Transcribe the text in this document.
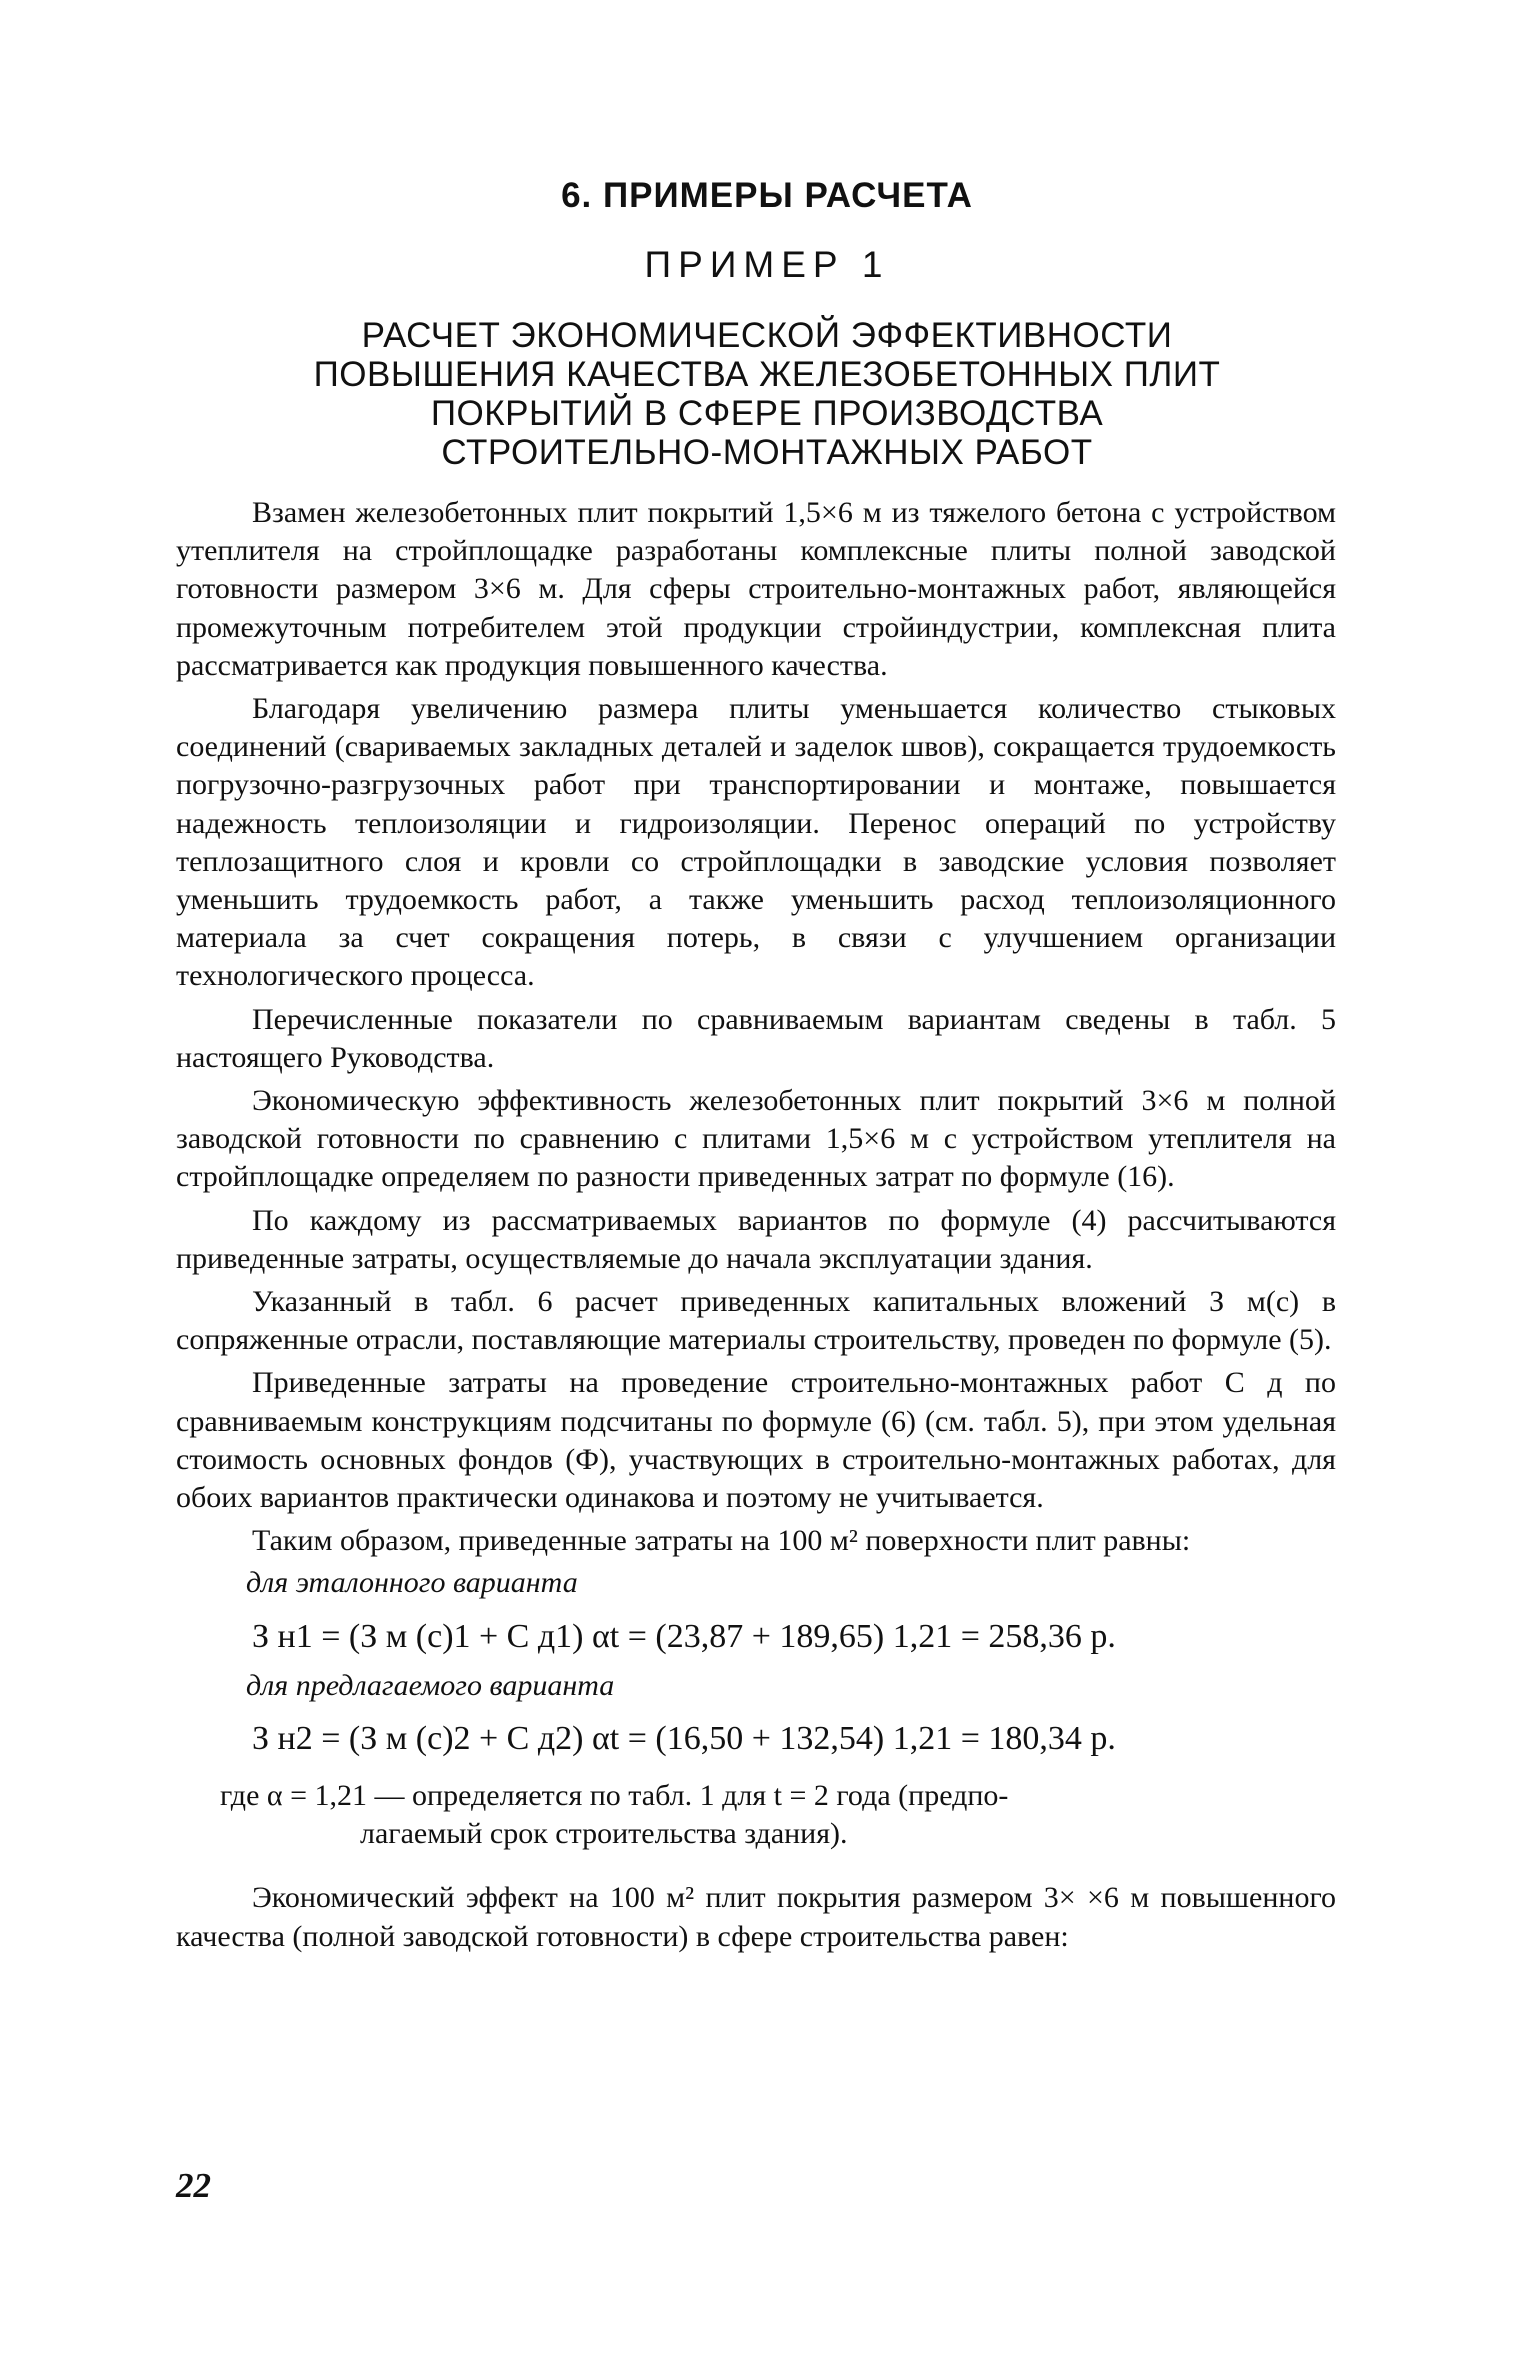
6. ПРИМЕРЫ РАСЧЕТА
ПРИМЕР 1
РАСЧЕТ ЭКОНОМИЧЕСКОЙ ЭФФЕКТИВНОСТИ
ПОВЫШЕНИЯ КАЧЕСТВА ЖЕЛЕЗОБЕТОННЫХ ПЛИТ
ПОКРЫТИЙ В СФЕРЕ ПРОИЗВОДСТВА
СТРОИТЕЛЬНО-МОНТАЖНЫХ РАБОТ

Взамен железобетонных плит покрытий 1,5×6 м из тяжелого бетона с устройством утеплителя на стройплощадке разработаны комплексные плиты полной заводской готовности размером 3×6 м. Для сферы строительно-монтажных работ, являющейся промежуточным потребителем этой продукции стройиндустрии, комплексная плита рассматривается как продукция повышенного качества.

Благодаря увеличению размера плиты уменьшается количество стыковых соединений (свариваемых закладных деталей и заделок швов), сокращается трудоемкость погрузочно-разгрузочных работ при транспортировании и монтаже, повышается надежность теплоизоляции и гидроизоляции. Перенос операций по устройству теплозащитного слоя и кровли со стройплощадки в заводские условия позволяет уменьшить трудоемкость работ, а также уменьшить расход теплоизоляционного материала за счет сокращения потерь, в связи с улучшением организации технологического процесса.

Перечисленные показатели по сравниваемым вариантам сведены в табл. 5 настоящего Руководства.

Экономическую эффективность железобетонных плит покрытий 3×6 м полной заводской готовности по сравнению с плитами 1,5×6 м с устройством утеплителя на стройплощадке определяем по разности приведенных затрат по формуле (16).

По каждому из рассматриваемых вариантов по формуле (4) рассчитываются приведенные затраты, осуществляемые до начала эксплуатации здания.

Указанный в табл. 6 расчет приведенных капитальных вложений З м(с) в сопряженные отрасли, поставляющие материалы строительству, проведен по формуле (5).

Приведенные затраты на проведение строительно-монтажных работ С д по сравниваемым конструкциям подсчитаны по формуле (6) (см. табл. 5), при этом удельная стоимость основных фондов (Ф), участвующих в строительно-монтажных работах, для обоих вариантов практически одинакова и поэтому не учитывается.

Таким образом, приведенные затраты на 100 м² поверхности плит равны:

для эталонного варианта
З н1 = (З м (с)1 + С д1) αt = (23,87 + 189,65) 1,21 = 258,36 р.
для предлагаемого варианта
З н2 = (З м (с)2 + С д2) αt = (16,50 + 132,54) 1,21 = 180,34 р.
где α = 1,21 — определяется по табл. 1 для t = 2 года (предпо-
лагаемый срок строительства здания).

Экономический эффект на 100 м² плит покрытия размером 3× ×6 м повышенного качества (полной заводской готовности) в сфере строительства равен:

22
